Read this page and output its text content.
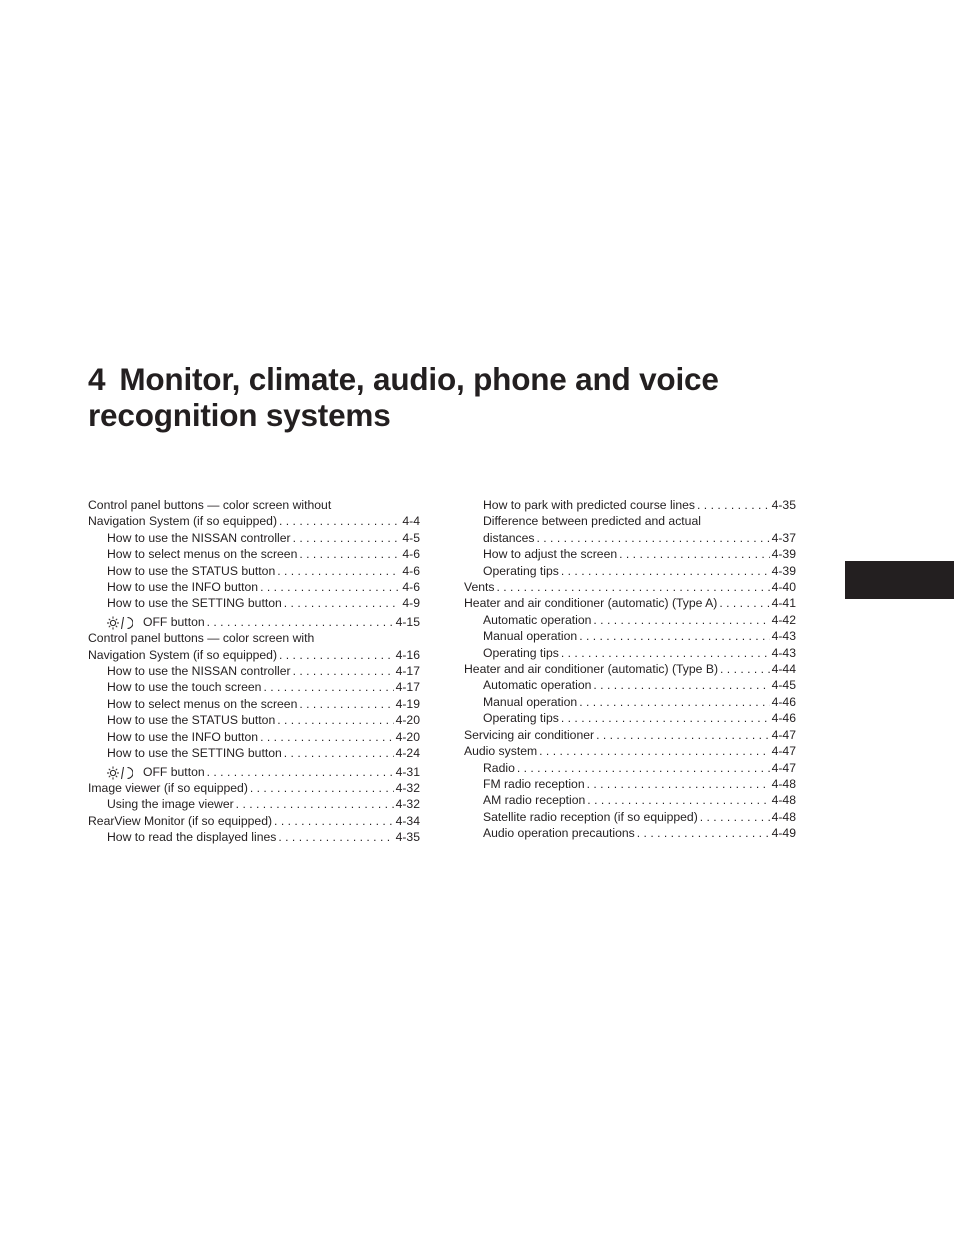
4 Monitor, climate, audio, phone and voice
recognition systems
Control panel buttons — color screen without
Navigation System (if so equipped) . . .	4-4
How to use the NISSAN controller . . .	4-5
How to select menus on the screen . . .	4-6
How to use the STATUS button . . .	4-6
How to use the INFO button . . .	4-6
How to use the SETTING button . . .	4-9
OFF button . . .	4-15
Control panel buttons — color screen with
Navigation System (if so equipped) . . .	4-16
How to use the NISSAN controller . . .	4-17
How to use the touch screen . . .	4-17
How to select menus on the screen . . .	4-19
How to use the STATUS button . . .	4-20
How to use the INFO button . . .	4-20
How to use the SETTING button . . .	4-24
OFF button . . .	4-31
Image viewer (if so equipped) . . .	4-32
Using the image viewer . . .	4-32
RearView Monitor (if so equipped) . . .	4-34
How to read the displayed lines . . .	4-35
How to park with predicted course lines . . .	4-35
Difference between predicted and actual
distances . . .	4-37
How to adjust the screen . . .	4-39
Operating tips . . .	4-39
Vents . . .	4-40
Heater and air conditioner (automatic) (Type A) . . .	4-41
Automatic operation . . .	4-42
Manual operation . . .	4-43
Operating tips . . .	4-43
Heater and air conditioner (automatic) (Type B) . . .	4-44
Automatic operation . . .	4-45
Manual operation . . .	4-46
Operating tips . . .	4-46
Servicing air conditioner . . .	4-47
Audio system . . .	4-47
Radio . . .	4-47
FM radio reception . . .	4-48
AM radio reception . . .	4-48
Satellite radio reception (if so equipped) . . .	4-48
Audio operation precautions . . .	4-49
